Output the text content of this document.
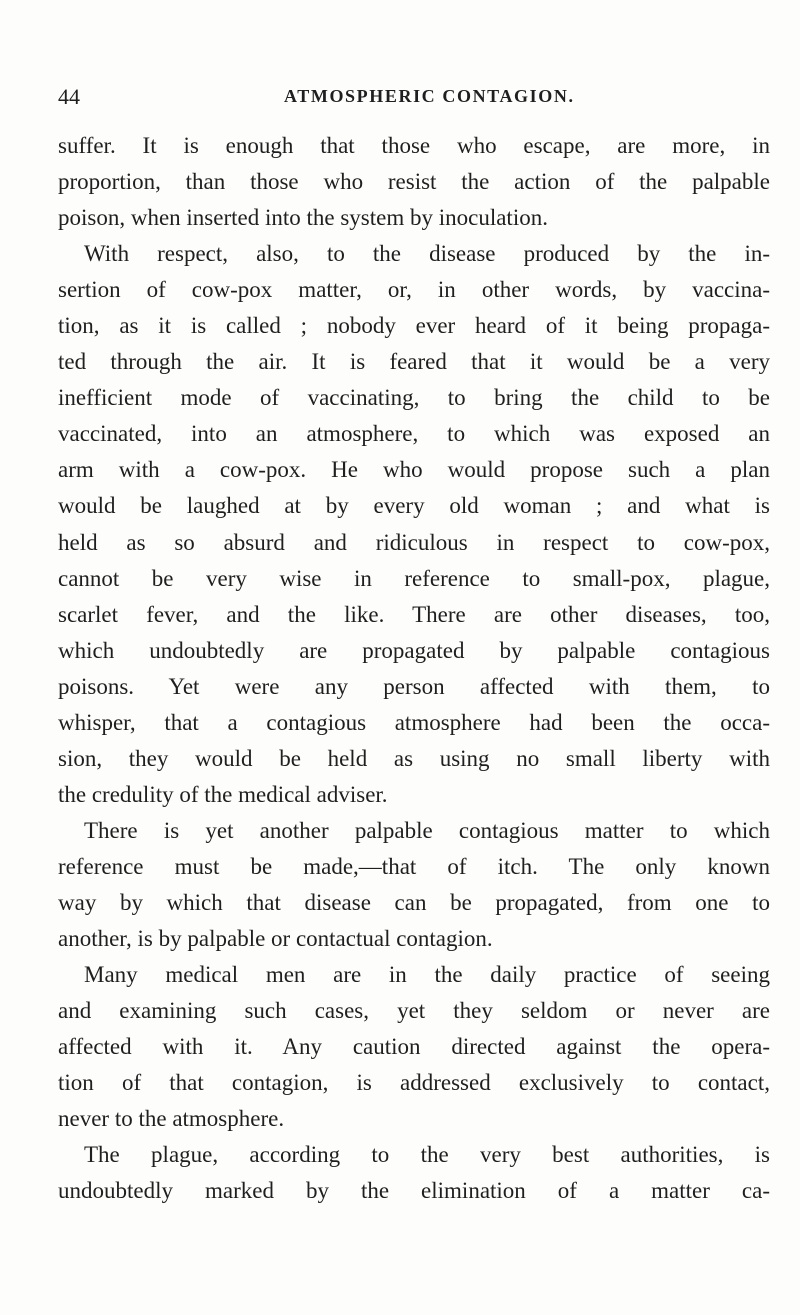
44	ATMOSPHERIC CONTAGION.
suffer. It is enough that those who escape, are more, in
proportion, than those who resist the action of the palpable
poison, when inserted into the system by inoculation.
With respect, also, to the disease produced by the in-
sertion of cow-pox matter, or, in other words, by vaccina-
tion, as it is called ; nobody ever heard of it being propaga-
ted through the air. It is feared that it would be a very
inefficient mode of vaccinating, to bring the child to be
vaccinated, into an atmosphere, to which was exposed an
arm with a cow-pox. He who would propose such a plan
would be laughed at by every old woman ; and what is
held as so absurd and ridiculous in respect to cow-pox,
cannot be very wise in reference to small-pox, plague,
scarlet fever, and the like. There are other diseases, too,
which undoubtedly are propagated by palpable contagious
poisons. Yet were any person affected with them, to
whisper, that a contagious atmosphere had been the occa-
sion, they would be held as using no small liberty with
the credulity of the medical adviser.
There is yet another palpable contagious matter to which
reference must be made,—that of itch. The only known
way by which that disease can be propagated, from one to
another, is by palpable or contactual contagion.
Many medical men are in the daily practice of seeing
and examining such cases, yet they seldom or never are
affected with it. Any caution directed against the opera-
tion of that contagion, is addressed exclusively to contact,
never to the atmosphere.
The plague, according to the very best authorities, is
undoubtedly marked by the elimination of a matter ca-
